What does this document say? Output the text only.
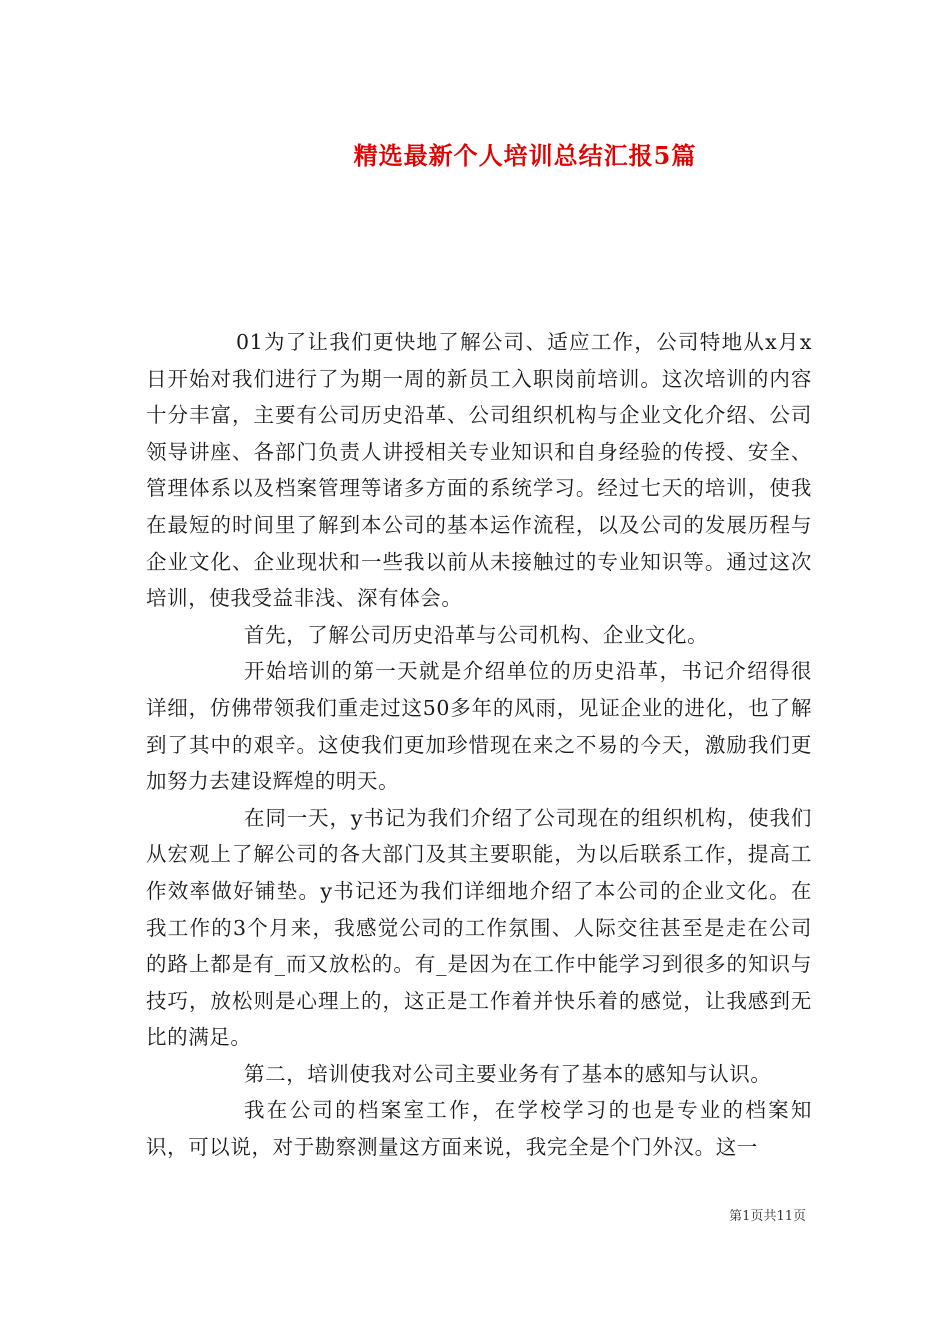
精选最新个人培训总结汇报5篇

01为了让我们更快地了解公司、适应工作，公司特地从x月x日开始对我们进行了为期一周的新员工入职岗前培训。这次培训的内容十分丰富，主要有公司历史沿革、公司组织机构与企业文化介绍、公司领导讲座、各部门负责人讲授相关专业知识和自身经验的传授、安全、管理体系以及档案管理等诸多方面的系统学习。经过七天的培训，使我在最短的时间里了解到本公司的基本运作流程，以及公司的发展历程与企业文化、企业现状和一些我以前从未接触过的专业知识等。通过这次培训，使我受益非浅、深有体会。

首先，了解公司历史沿革与公司机构、企业文化。

开始培训的第一天就是介绍单位的历史沿革，书记介绍得很详细，仿佛带领我们重走过这50多年的风雨，见证企业的进化，也了解到了其中的艰辛。这使我们更加珍惜现在来之不易的今天，激励我们更加努力去建设辉煌的明天。

在同一天，y书记为我们介绍了公司现在的组织机构，使我们从宏观上了解公司的各大部门及其主要职能，为以后联系工作，提高工作效率做好铺垫。y书记还为我们详细地介绍了本公司的企业文化。在我工作的3个月来，我感觉公司的工作氛围、人际交往甚至是走在公司的路上都是有_而又放松的。有_是因为在工作中能学习到很多的知识与技巧，放松则是心理上的，这正是工作着并快乐着的感觉，让我感到无比的满足。

第二，培训使我对公司主要业务有了基本的感知与认识。

我在公司的档案室工作，在学校学习的也是专业的档案知识，可以说，对于勘察测量这方面来说，我完全是个门外汉。这一

第1页共11页
